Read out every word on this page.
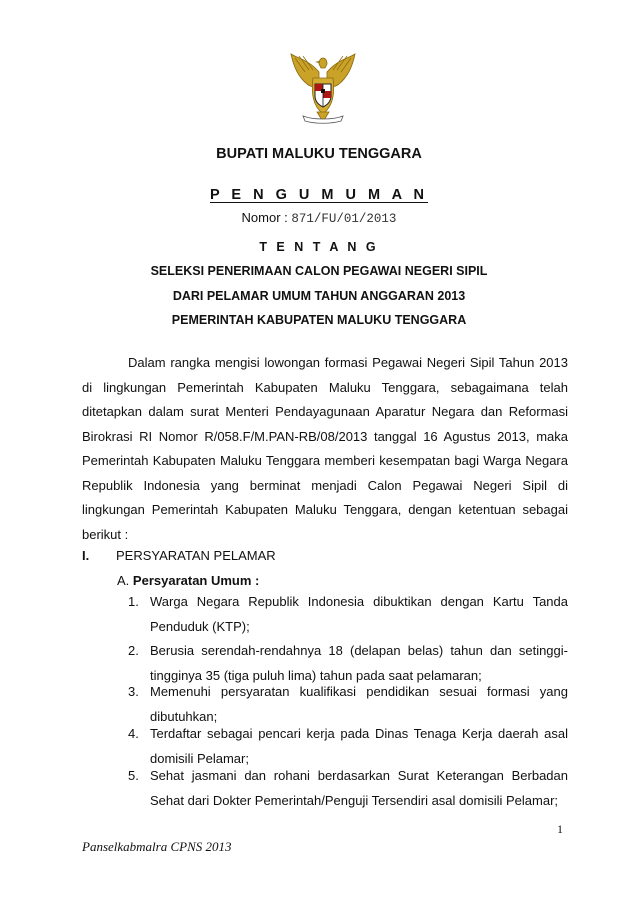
BUPATI MALUKU TENGGARA
P E N G U M U M A N
Nomor : 871/FU/01/2013
T E N T A N G
SELEKSI PENERIMAAN CALON PEGAWAI NEGERI SIPIL
DARI PELAMAR UMUM TAHUN ANGGARAN 2013
PEMERINTAH KABUPATEN MALUKU TENGGARA

Dalam rangka mengisi lowongan formasi Pegawai Negeri Sipil Tahun 2013 di lingkungan Pemerintah Kabupaten Maluku Tenggara, sebagaimana telah ditetapkan dalam surat Menteri Pendayagunaan Aparatur Negara dan Reformasi Birokrasi RI Nomor R/058.F/M.PAN-RB/08/2013 tanggal 16 Agustus 2013, maka Pemerintah Kabupaten Maluku Tenggara memberi kesempatan bagi Warga Negara Republik Indonesia yang berminat menjadi Calon Pegawai Negeri Sipil di lingkungan Pemerintah Kabupaten Maluku Tenggara, dengan ketentuan sebagai berikut :

I. PERSYARATAN PELAMAR
A. Persyaratan Umum :
1. Warga Negara Republik Indonesia dibuktikan dengan Kartu Tanda Penduduk (KTP);
2. Berusia serendah-rendahnya 18 (delapan belas) tahun dan setinggi-tingginya 35 (tiga puluh lima) tahun pada saat pelamaran;
3. Memenuhi persyaratan kualifikasi pendidikan sesuai formasi yang dibutuhkan;
4. Terdaftar sebagai pencari kerja pada Dinas Tenaga Kerja daerah asal domisili Pelamar;
5. Sehat jasmani dan rohani berdasarkan Surat Keterangan Berbadan Sehat dari Dokter Pemerintah/Penguji Tersendiri asal domisili Pelamar;
1
Panselkabmalra CPNS 2013
